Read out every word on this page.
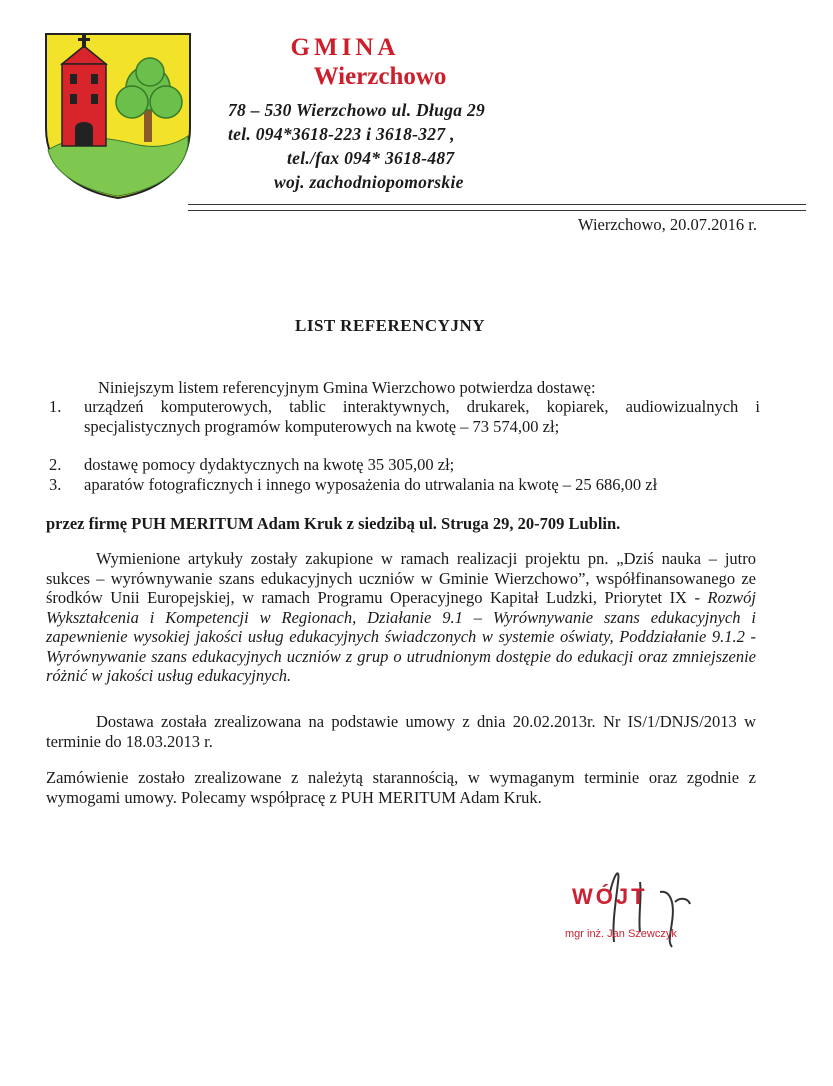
GMINA
Wierzchowo
78 – 530 Wierzchowo ul. Długa 29
tel. 094*3618-223 i 3618-327 ,
tel./fax 094* 3618-487
woj. zachodniopomorskie
Wierzchowo, 20.07.2016 r.
LIST REFERENCYJNY
Niniejszym listem referencyjnym Gmina Wierzchowo potwierdza dostawę:
1.	urządzeń komputerowych, tablic interaktywnych, drukarek, kopiarek, audiowizualnych i specjalistycznych programów komputerowych na kwotę – 73 574,00 zł;
2.	dostawę pomocy dydaktycznych na kwotę 35 305,00 zł;
3.	aparatów fotograficznych i innego wyposażenia do utrwalania na kwotę – 25 686,00 zł
przez firmę PUH MERITUM Adam Kruk z siedzibą ul. Struga 29, 20-709 Lublin.
Wymienione artykuły zostały zakupione w ramach realizacji projektu pn. „Dziś nauka – jutro sukces – wyrównywanie szans edukacyjnych uczniów w Gminie Wierzchowo”, współfinansowanego ze środków Unii Europejskiej, w ramach Programu Operacyjnego Kapitał Ludzki, Priorytet IX - Rozwój Wykształcenia i Kompetencji w Regionach, Działanie 9.1 – Wyrównywanie szans edukacyjnych i zapewnienie wysokiej jakości usług edukacyjnych świadczonych w systemie oświaty, Poddziałanie 9.1.2 - Wyrównywanie szans edukacyjnych uczniów z grup o utrudnionym dostępie do edukacji oraz zmniejszenie różnić w jakości usług edukacyjnych.
Dostawa została zrealizowana na podstawie umowy z dnia 20.02.2013r. Nr IS/1/DNJS/2013 w terminie do 18.03.2013 r.
Zamówienie zostało zrealizowane z należytą starannością, w wymaganym terminie oraz zgodnie z wymogami umowy. Polecamy współpracę z PUH MERITUM Adam Kruk.
WÓJT
mgr inż. Jan Szewczyk
